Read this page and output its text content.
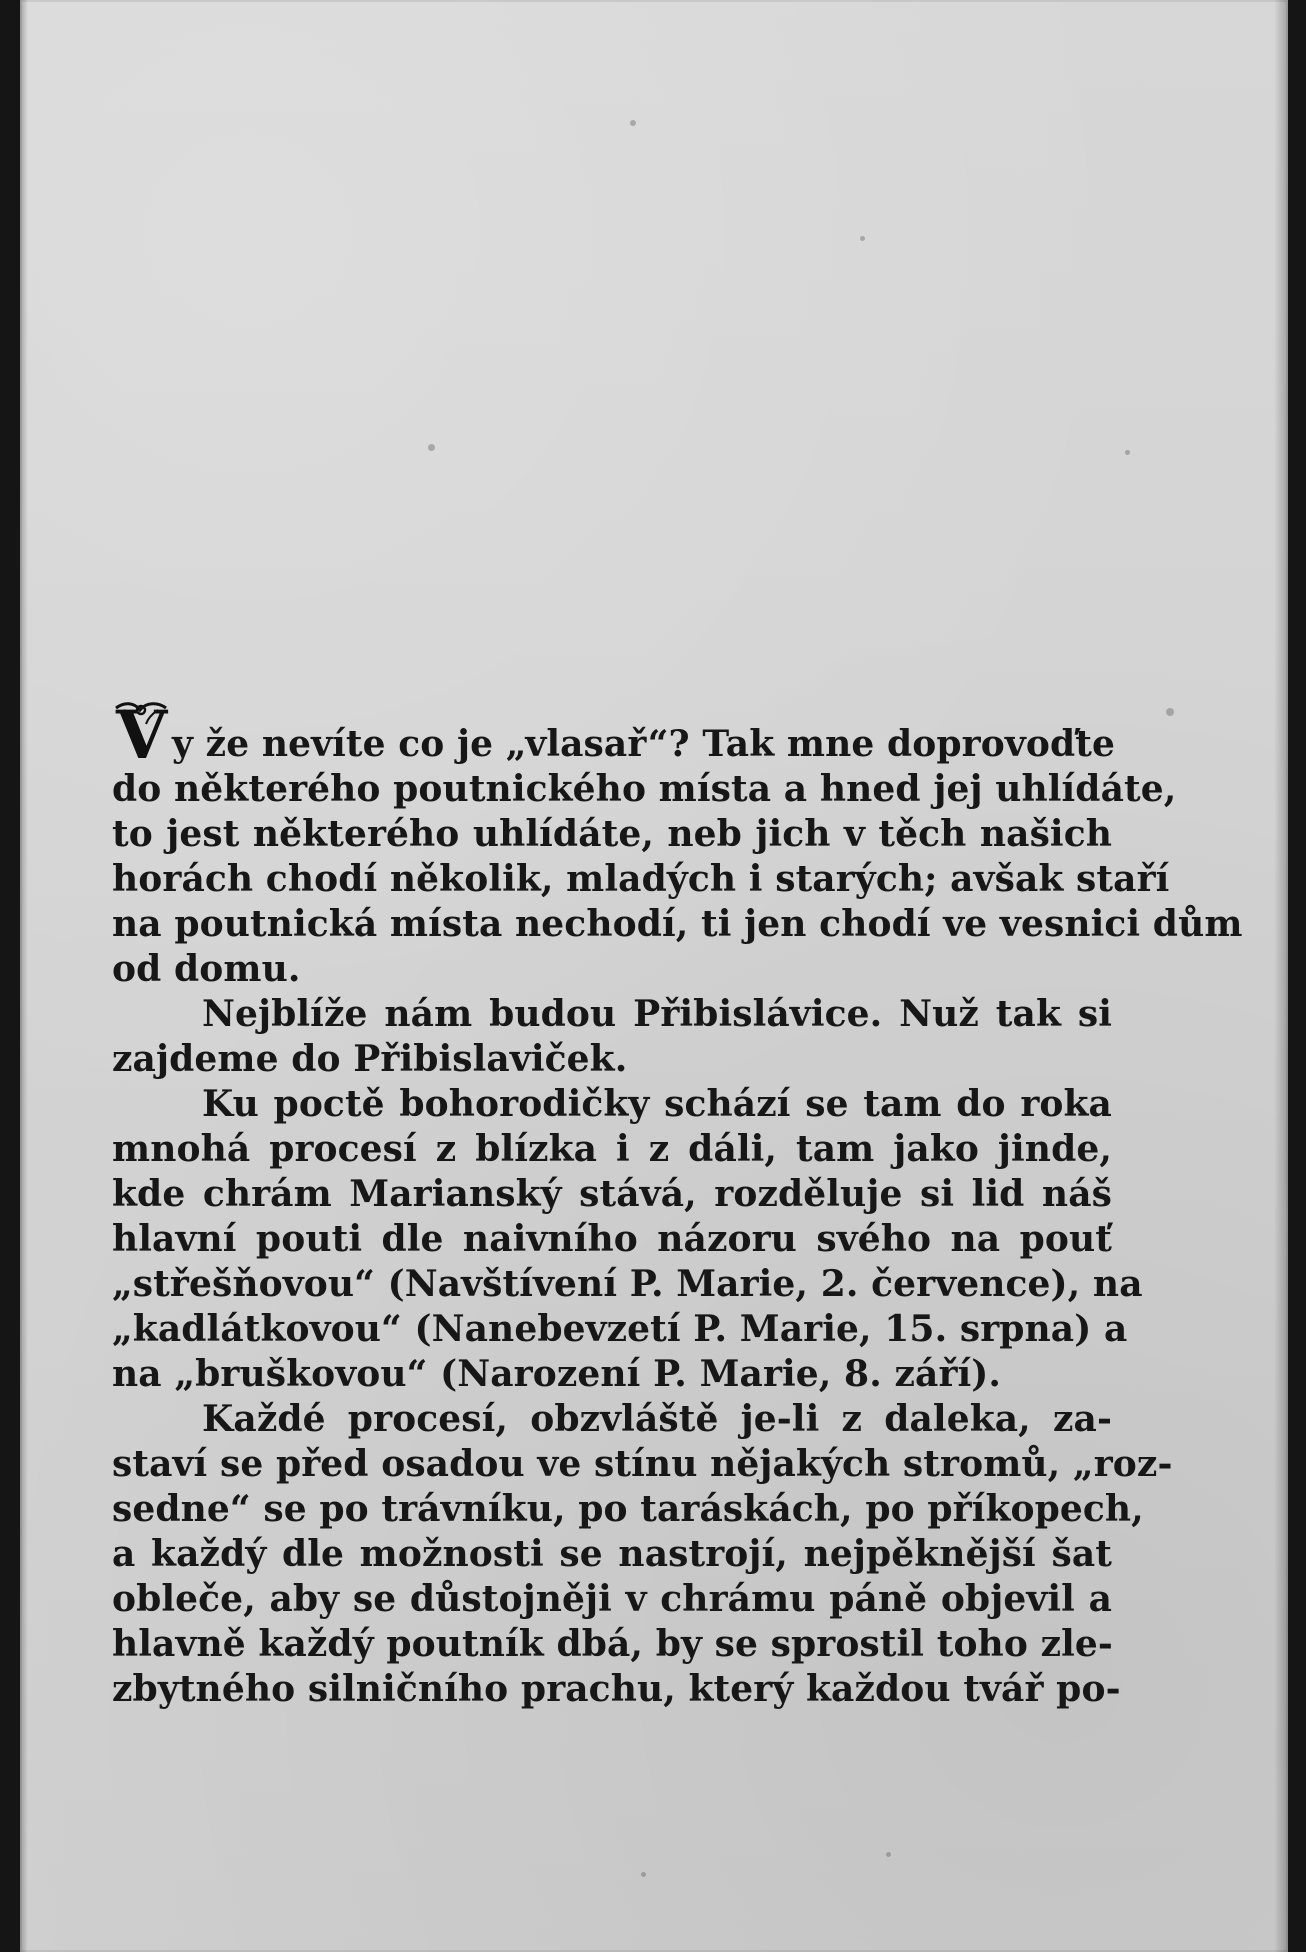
V y že nevíte co je „vlasař“? Tak mne doprovoďte
do některého poutnického místa a hned jej uhlídáte,
to jest některého uhlídáte, neb jich v těch našich
horách chodí několik, mladých i starých; avšak staří
na poutnická místa nechodí, ti jen chodí ve vesnici dům
od domu.
Nejblíže nám budou Přibislávice. Nuž tak si
zajdeme do Přibislaviček.
Ku poctě bohorodičky schází se tam do roka
mnohá procesí z blízka i z dáli, tam jako jinde,
kde chrám Marianský stává, rozděluje si lid náš
hlavní pouti dle naivního názoru svého na pouť
„střešňovou“ (Navštívení P. Marie, 2. července), na
„kadlátkovou“ (Nanebevzetí P. Marie, 15. srpna) a
na „bruškovou“ (Narození P. Marie, 8. září).
Každé procesí, obzvláště je-li z daleka, za-
staví se před osadou ve stínu nějakých stromů, „roz-
sedne“ se po trávníku, po taráskách, po příkopech,
a každý dle možnosti se nastrojí, nejpěknější šat
obleče, aby se důstojněji v chrámu páně objevil a
hlavně každý poutník dbá, by se sprostil toho zle-
zbytného silničního prachu, který každou tvář po-
